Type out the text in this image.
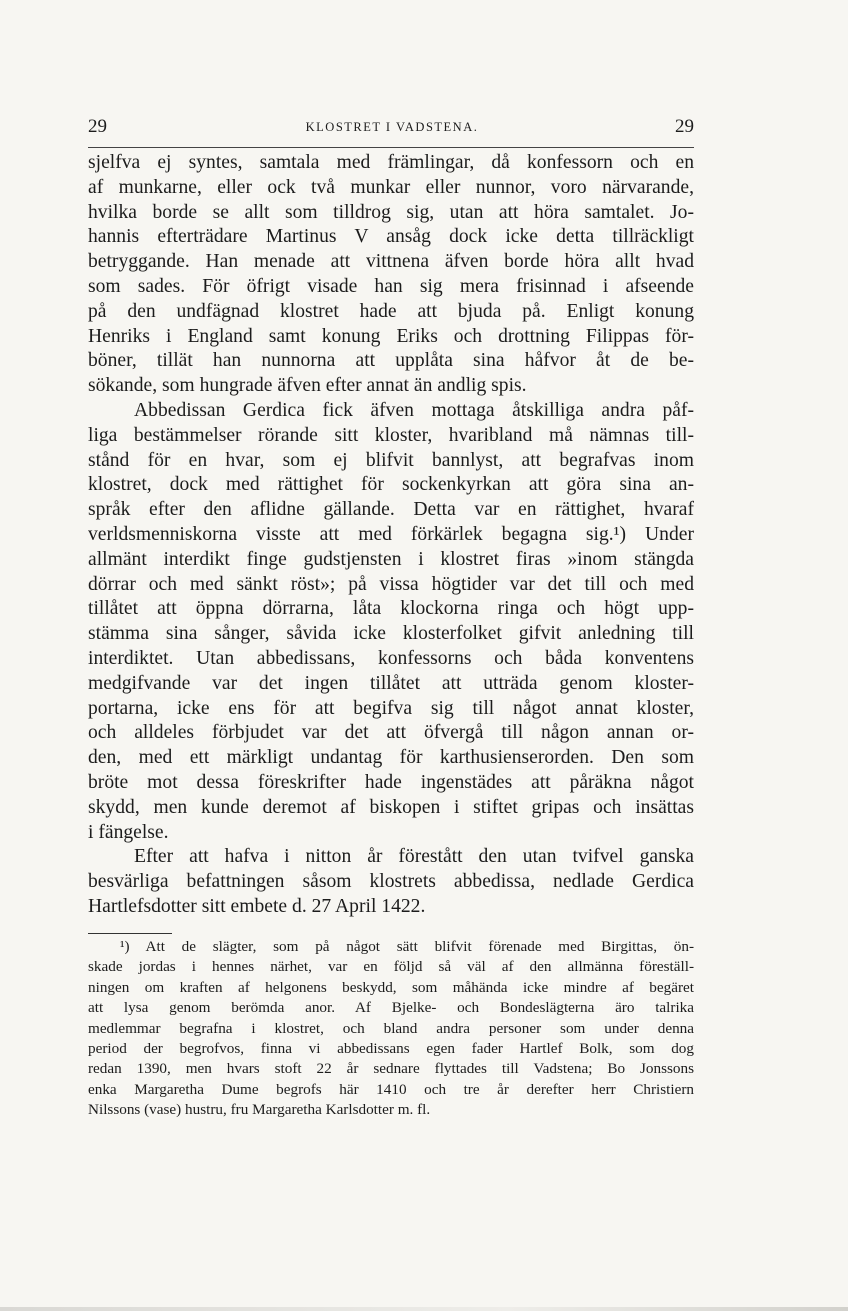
29	KLOSTRET I VADSTENA.	29
sjelfva ej syntes, samtala med främlingar, då konfessorn och en
af munkarne, eller ock två munkar eller nunnor, voro närvarande,
hvilka borde se allt som tilldrog sig, utan att höra samtalet. Jo-
hannis efterträdare Martinus V ansåg dock icke detta tillräckligt
betryggande. Han menade att vittnena äfven borde höra allt hvad
som sades. För öfrigt visade han sig mera frisinnad i afseende
på den undfägnad klostret hade att bjuda på. Enligt konung
Henriks i England samt konung Eriks och drottning Filippas för-
böner, tillät han nunnorna att upplåta sina håfvor åt de be-
sökande, som hungrade äfven efter annat än andlig spis.
Abbedissan Gerdica fick äfven mottaga åtskilliga andra påf-
liga bestämmelser rörande sitt kloster, hvaribland må nämnas till-
stånd för en hvar, som ej blifvit bannlyst, att begrafvas inom
klostret, dock med rättighet för sockenkyrkan att göra sina an-
språk efter den aflidne gällande. Detta var en rättighet, hvaraf
verldsmenniskorna visste att med förkärlek begagna sig.¹) Under
allmänt interdikt finge gudstjensten i klostret firas »inom stängda
dörrar och med sänkt röst»; på vissa högtider var det till och med
tillåtet att öppna dörrarna, låta klockorna ringa och högt upp-
stämma sina sånger, såvida icke klosterfolket gifvit anledning till
interdiktet. Utan abbedissans, konfessorns och båda konventens
medgifvande var det ingen tillåtet att utträda genom kloster-
portarna, icke ens för att begifva sig till något annat kloster,
och alldeles förbjudet var det att öfvergå till någon annan or-
den, med ett märkligt undantag för karthusienserorden. Den som
bröte mot dessa föreskrifter hade ingenstädes att påräkna något
skydd, men kunde deremot af biskopen i stiftet gripas och insättas
i fängelse.
Efter att hafva i nitton år förestått den utan tvifvel ganska
besvärliga befattningen såsom klostrets abbedissa, nedlade Gerdica
Hartlefsdotter sitt embete d. 27 April 1422.
¹) Att de slägter, som på något sätt blifvit förenade med Birgittas, ön-
skade jordas i hennes närhet, var en följd så väl af den allmänna föreställ-
ningen om kraften af helgonens beskydd, som måhända icke mindre af begäret
att lysa genom berömda anor. Af Bjelke- och Bondeslägterna äro talrika
medlemmar begrafna i klostret, och bland andra personer som under denna
period der begrofvos, finna vi abbedissans egen fader Hartlef Bolk, som dog
redan 1390, men hvars stoft 22 år sednare flyttades till Vadstena; Bo Jonssons
enka Margaretha Dume begrofs här 1410 och tre år derefter herr Christiern
Nilssons (vase) hustru, fru Margaretha Karlsdotter m. fl.
